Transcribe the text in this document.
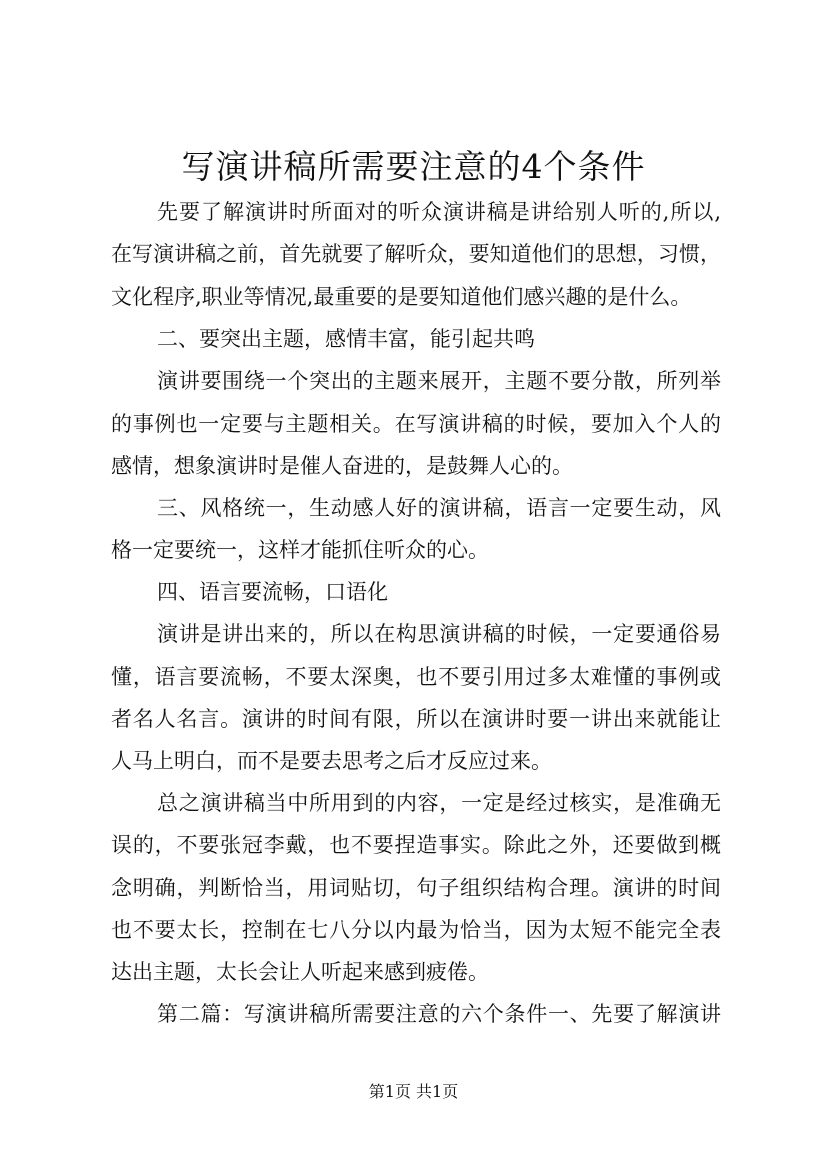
写演讲稿所需要注意的4个条件
先要了解演讲时所面对的听众演讲稿是讲给别人听的,所以,
在写演讲稿之前，首先就要了解听众，要知道他们的思想，习惯，
文化程序,职业等情况,最重要的是要知道他们感兴趣的是什么。
二、要突出主题，感情丰富，能引起共鸣
演讲要围绕一个突出的主题来展开，主题不要分散，所列举
的事例也一定要与主题相关。在写演讲稿的时候，要加入个人的
感情，想象演讲时是催人奋进的，是鼓舞人心的。
三、风格统一，生动感人好的演讲稿，语言一定要生动，风
格一定要统一，这样才能抓住听众的心。
四、语言要流畅，口语化
演讲是讲出来的，所以在构思演讲稿的时候，一定要通俗易
懂，语言要流畅，不要太深奥，也不要引用过多太难懂的事例或
者名人名言。演讲的时间有限，所以在演讲时要一讲出来就能让
人马上明白，而不是要去思考之后才反应过来。
总之演讲稿当中所用到的内容，一定是经过核实，是准确无
误的，不要张冠李戴，也不要捏造事实。除此之外，还要做到概
念明确，判断恰当，用词贴切，句子组织结构合理。演讲的时间
也不要太长，控制在七八分以内最为恰当，因为太短不能完全表
达出主题，太长会让人听起来感到疲倦。
第二篇：写演讲稿所需要注意的六个条件一、先要了解演讲
第1页 共1页
